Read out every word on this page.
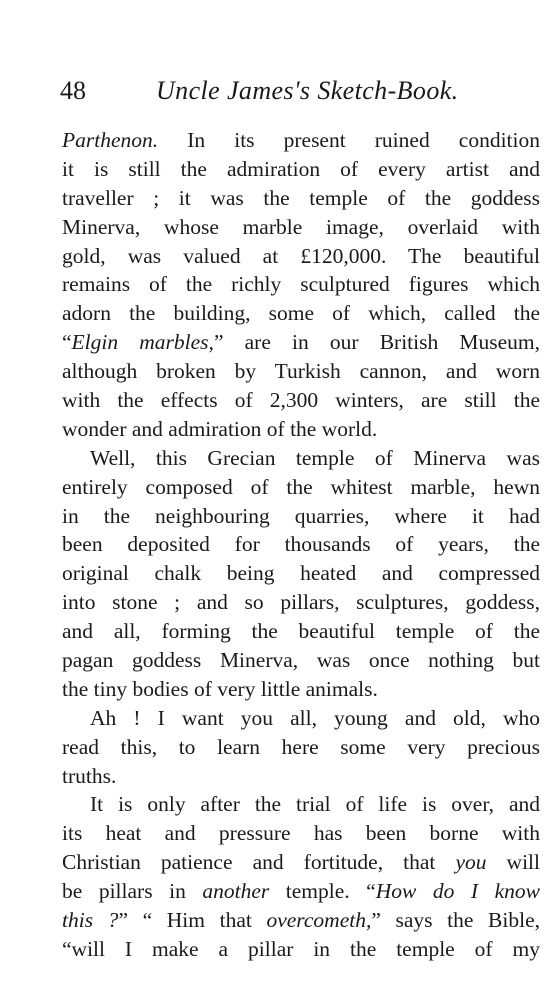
48	Uncle James's Sketch-Book.
Parthenon. In its present ruined condition
it is still the admiration of every artist and
traveller ; it was the temple of the goddess
Minerva, whose marble image, overlaid with
gold, was valued at £120,000. The beautiful
remains of the richly sculptured figures which
adorn the building, some of which, called the
“Elgin marbles,” are in our British Museum,
although broken by Turkish cannon, and worn
with the effects of 2,300 winters, are still the
wonder and admiration of the world.
Well, this Grecian temple of Minerva was
entirely composed of the whitest marble, hewn
in the neighbouring quarries, where it had
been deposited for thousands of years, the
original chalk being heated and compressed
into stone ; and so pillars, sculptures, goddess,
and all, forming the beautiful temple of the
pagan goddess Minerva, was once nothing but
the tiny bodies of very little animals.
Ah ! I want you all, young and old, who
read this, to learn here some very precious
truths.
It is only after the trial of life is over, and
its heat and pressure has been borne with
Christian patience and fortitude, that you will
be pillars in another temple. “How do I know
this ?” “ Him that overcometh,” says the Bible,
“will I make a pillar in the temple of my
